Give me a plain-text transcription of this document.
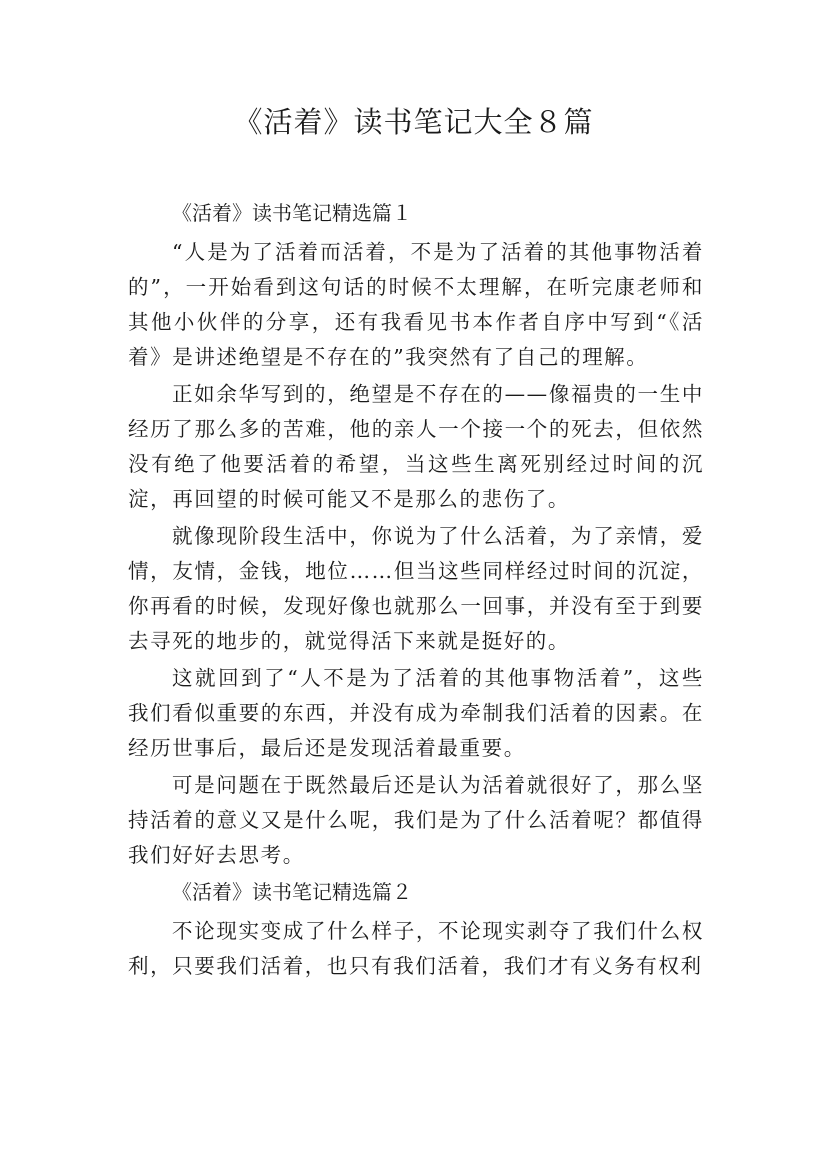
《活着》读书笔记大全８篇

《活着》读书笔记精选篇１

“人是为了活着而活着，不是为了活着的其他事物活着的”，一开始看到这句话的时候不太理解，在听完康老师和其他小伙伴的分享，还有我看见书本作者自序中写到“《活着》是讲述绝望是不存在的”我突然有了自己的理解。

正如余华写到的，绝望是不存在的——像福贵的一生中经历了那么多的苦难，他的亲人一个接一个的死去，但依然没有绝了他要活着的希望，当这些生离死别经过时间的沉淀，再回望的时候可能又不是那么的悲伤了。

就像现阶段生活中，你说为了什么活着，为了亲情，爱情，友情，金钱，地位……但当这些同样经过时间的沉淀，你再看的时候，发现好像也就那么一回事，并没有至于到要去寻死的地步的，就觉得活下来就是挺好的。

这就回到了“人不是为了活着的其他事物活着”，这些我们看似重要的东西，并没有成为牵制我们活着的因素。在经历世事后，最后还是发现活着最重要。

可是问题在于既然最后还是认为活着就很好了，那么坚持活着的意义又是什么呢，我们是为了什么活着呢？都值得我们好好去思考。

《活着》读书笔记精选篇２

不论现实变成了什么样子，不论现实剥夺了我们什么权利，只要我们活着，也只有我们活着，我们才有义务有权利
